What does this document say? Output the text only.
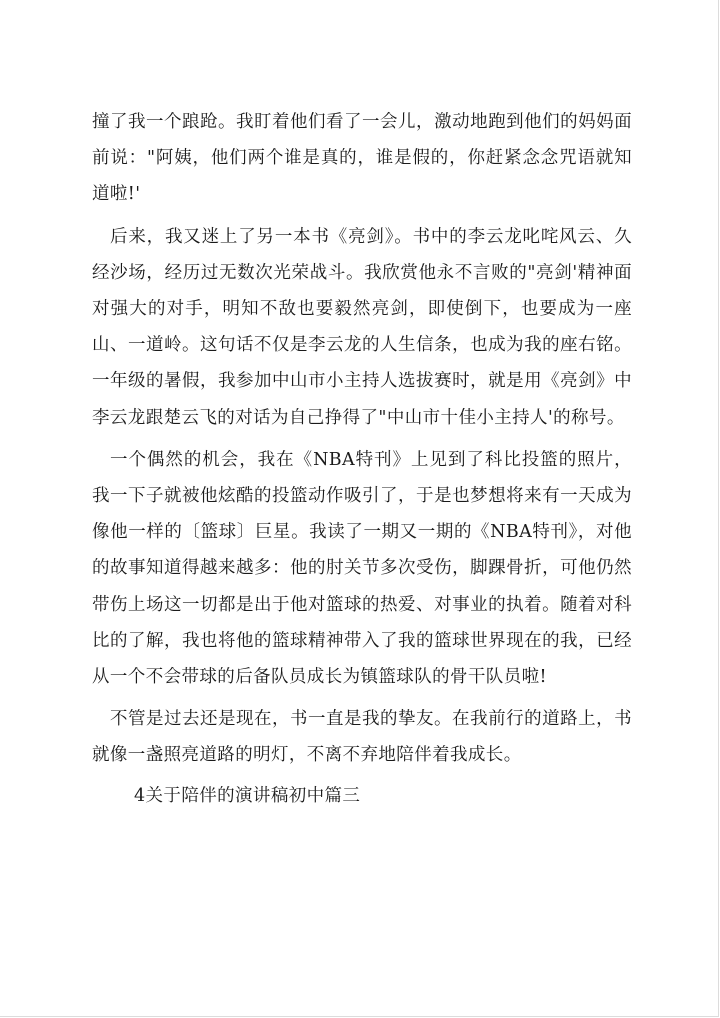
撞了我一个踉跄。我盯着他们看了一会儿，激动地跑到他们的妈妈面前说："阿姨，他们两个谁是真的，谁是假的，你赶紧念念咒语就知道啦!'

后来，我又迷上了另一本书《亮剑》。书中的李云龙叱咤风云、久经沙场，经历过无数次光荣战斗。我欣赏他永不言败的"亮剑'精神面对强大的对手，明知不敌也要毅然亮剑，即使倒下，也要成为一座山、一道岭。这句话不仅是李云龙的人生信条，也成为我的座右铭。一年级的暑假，我参加中山市小主持人选拔赛时，就是用《亮剑》中李云龙跟楚云飞的对话为自己挣得了"中山市十佳小主持人'的称号。

一个偶然的机会，我在《NBA特刊》上见到了科比投篮的照片，我一下子就被他炫酷的投篮动作吸引了，于是也梦想将来有一天成为像他一样的〔篮球〕巨星。我读了一期又一期的《NBA特刊》，对他的故事知道得越来越多：他的肘关节多次受伤，脚踝骨折，可他仍然带伤上场这一切都是出于他对篮球的热爱、对事业的执着。随着对科比的了解，我也将他的篮球精神带入了我的篮球世界现在的我，已经从一个不会带球的后备队员成长为镇篮球队的骨干队员啦!

不管是过去还是现在，书一直是我的挚友。在我前行的道路上，书就像一盏照亮道路的明灯，不离不弃地陪伴着我成长。

4关于陪伴的演讲稿初中篇三
